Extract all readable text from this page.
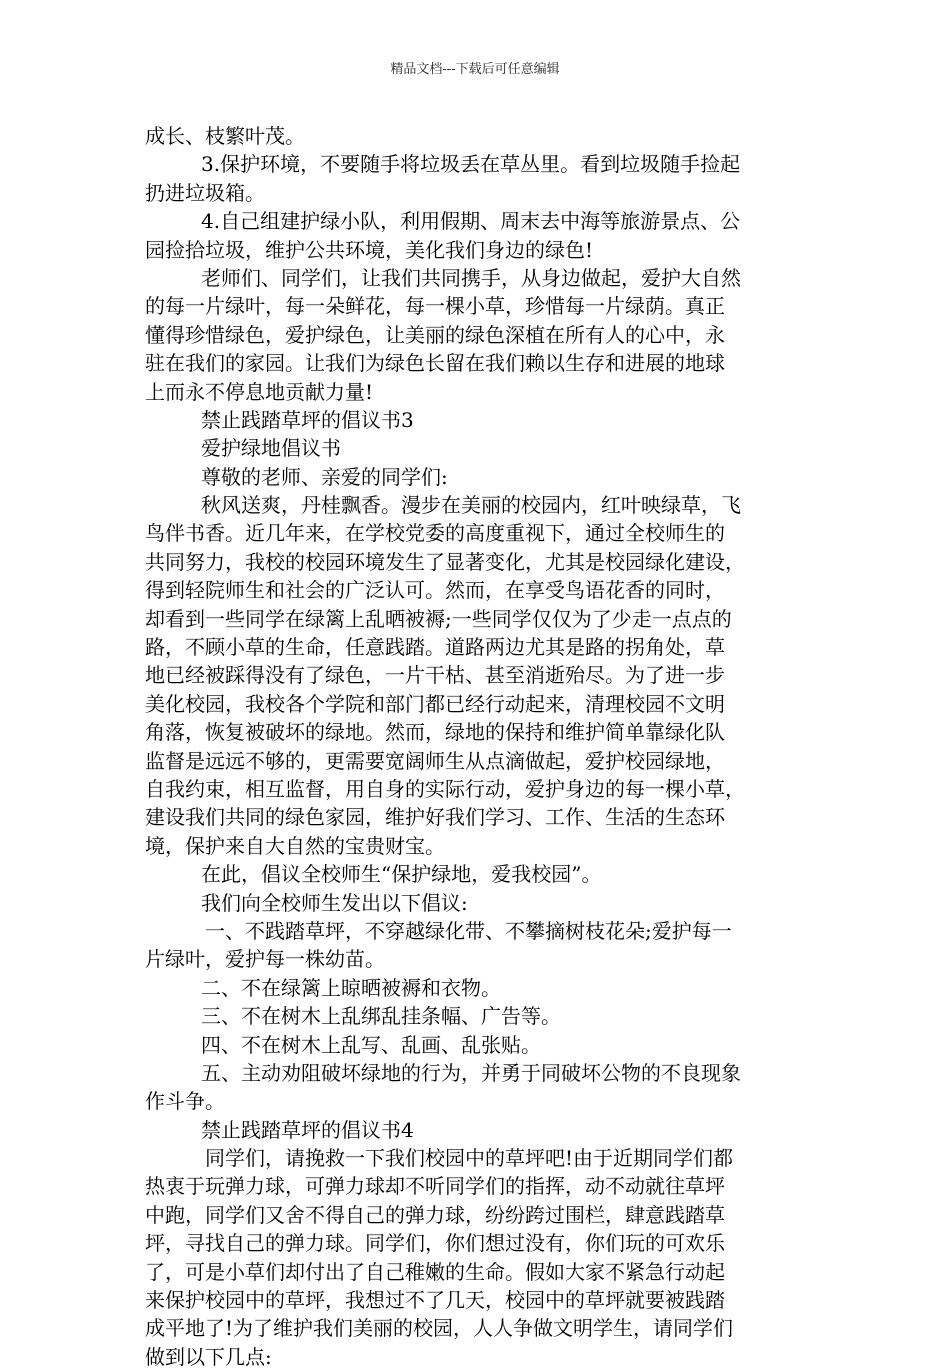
精品文档---下载后可任意编辑
成长、枝繁叶茂。
3.保护环境，不要随手将垃圾丢在草丛里。看到垃圾随手捡起
扔进垃圾箱。
4.自己组建护绿小队，利用假期、周末去中海等旅游景点、公
园捡拾垃圾，维护公共环境，美化我们身边的绿色!
老师们、同学们，让我们共同携手，从身边做起，爱护大自然
的每一片绿叶，每一朵鲜花，每一棵小草，珍惜每一片绿荫。真正
懂得珍惜绿色，爱护绿色，让美丽的绿色深植在所有人的心中，永
驻在我们的家园。让我们为绿色长留在我们赖以生存和进展的地球
上而永不停息地贡献力量!
禁止践踏草坪的倡议书3
爱护绿地倡议书
尊敬的老师、亲爱的同学们:
秋风送爽，丹桂飘香。漫步在美丽的校园内，红叶映绿草，飞
鸟伴书香。近几年来，在学校党委的高度重视下，通过全校师生的
共同努力，我校的校园环境发生了显著变化，尤其是校园绿化建设，
得到轻院师生和社会的广泛认可。然而，在享受鸟语花香的同时，
却看到一些同学在绿篱上乱晒被褥;一些同学仅仅为了少走一点点的
路，不顾小草的生命，任意践踏。道路两边尤其是路的拐角处，草
地已经被踩得没有了绿色，一片干枯、甚至消逝殆尽。为了进一步
美化校园，我校各个学院和部门都已经行动起来，清理校园不文明
角落，恢复被破坏的绿地。然而，绿地的保持和维护简单靠绿化队
监督是远远不够的，更需要宽阔师生从点滴做起，爱护校园绿地，
自我约束，相互监督，用自身的实际行动，爱护身边的每一棵小草，
建设我们共同的绿色家园，维护好我们学习、工作、生活的生态环
境，保护来自大自然的宝贵财宝。
在此，倡议全校师生“保护绿地，爱我校园”。
我们向全校师生发出以下倡议:
一、不践踏草坪，不穿越绿化带、不攀摘树枝花朵;爱护每一
片绿叶，爱护每一株幼苗。
二、不在绿篱上晾晒被褥和衣物。
三、不在树木上乱绑乱挂条幅、广告等。
四、不在树木上乱写、乱画、乱张贴。
五、主动劝阻破坏绿地的行为，并勇于同破坏公物的不良现象
作斗争。
禁止践踏草坪的倡议书4
同学们，请挽救一下我们校园中的草坪吧!由于近期同学们都
热衷于玩弹力球，可弹力球却不听同学们的指挥，动不动就往草坪
中跑，同学们又舍不得自己的弹力球，纷纷跨过围栏，肆意践踏草
坪，寻找自己的弹力球。同学们，你们想过没有，你们玩的可欢乐
了，可是小草们却付出了自己稚嫩的生命。假如大家不紧急行动起
来保护校园中的草坪，我想过不了几天，校园中的草坪就要被践踏
成平地了!为了维护我们美丽的校园，人人争做文明学生，请同学们
做到以下几点:
